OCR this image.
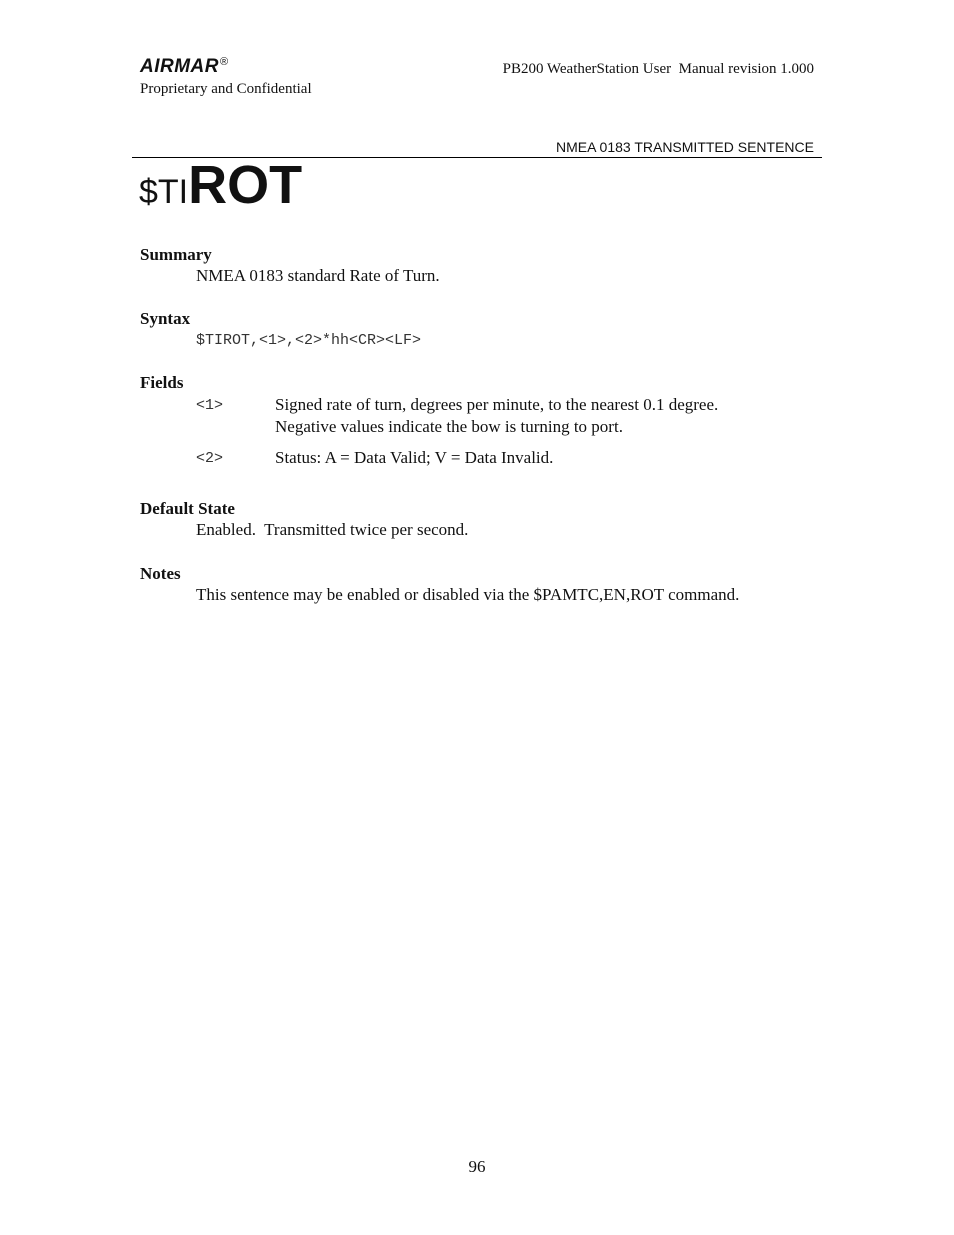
AIRMAR®
Proprietary and Confidential
PB200 WeatherStation User  Manual revision 1.000
NMEA 0183 TRANSMITTED SENTENCE
$TIROT
Summary
NMEA 0183 standard Rate of Turn.
Syntax
$TIROT,<1>,<2>*hh<CR><LF>
Fields
<1>	Signed rate of turn, degrees per minute, to the nearest 0.1 degree.
Negative values indicate the bow is turning to port.
<2>	Status: A = Data Valid; V = Data Invalid.
Default State
Enabled.  Transmitted twice per second.
Notes
This sentence may be enabled or disabled via the $PAMTC,EN,ROT command.
96
